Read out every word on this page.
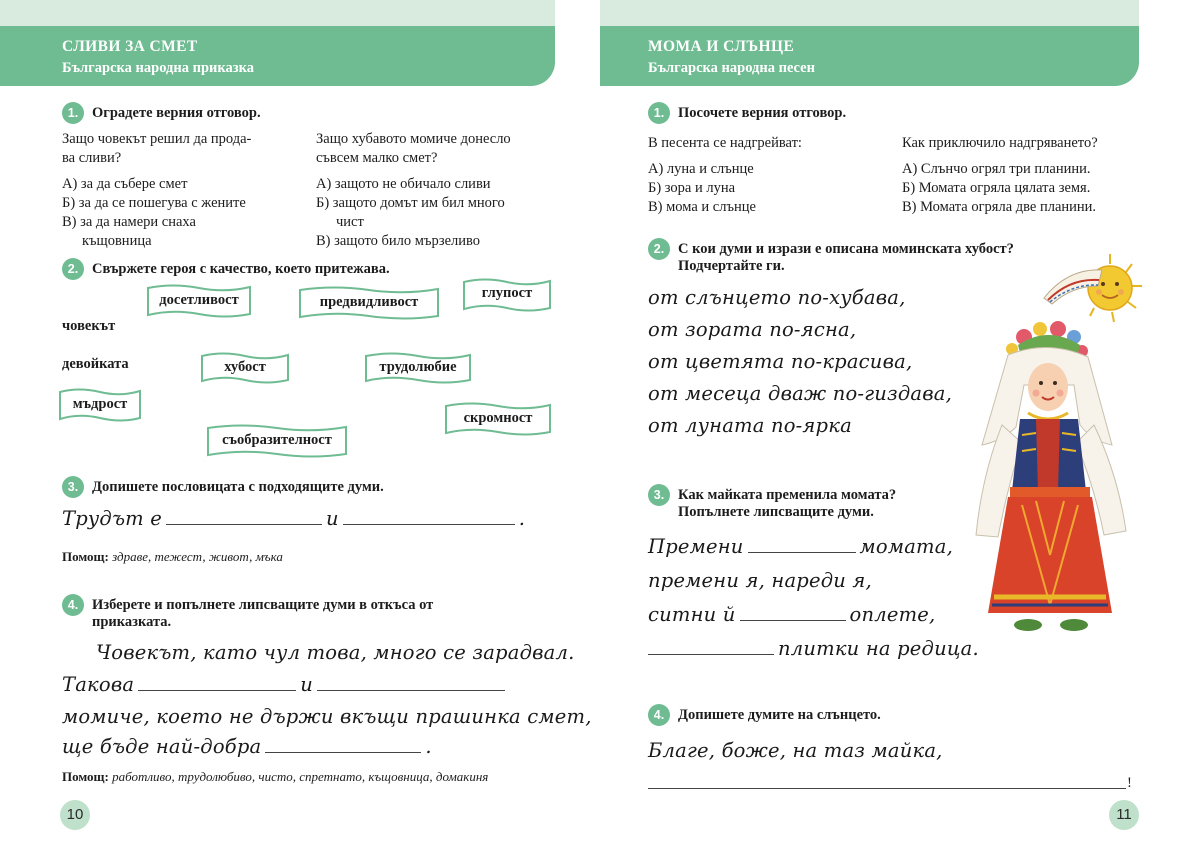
СЛИВИ ЗА СМЕТ
Българска народна приказка
1. Оградете верния отговор.
Защо човекът решил да прода-
ва сливи?
А) за да събере смет
Б) за да се пошегува с жените
В) за да намери снаха
къщовница
Защо хубавото момиче донесло
съвсем малко смет?
А) защото не обичало сливи
Б) защото домът им бил много
чист
В) защото било мързеливо
2. Свържете героя с качество, което притежава.
човекът
девойката
досетливост	предвидливост
глупост
хубост	трудолюбие
мъдрост
скромност
съобразителност
3. Допишете пословицата с подходящите думи.
Трудът е	и	.
Помощ: здраве, тежест, живот, мъка
4. Изберете и попълнете липсващите думи в откъса от
приказката.
Човекът, като чул това, много се зарадвал.
Такова	и
момиче, което не държи вкъщи прашинка смет,
ще бъде най-добра	.
Помощ: работливо, трудолюбиво, чисто, спретнато, къщовница, домакиня
10
МОМА И СЛЪНЦЕ
Българска народна песен
1. Посочете верния отговор.
В песента се надгрейват:
А) луна и слънце
Б) зора и луна
В) мома и слънце
Как приключило надгряването?
А) Слънчо огрял три планини.
Б) Момата огряла цялата земя.
В) Момата огряла две планини.
2. С кои думи и изрази е описана моминската хубост?
Подчертайте ги.
от слънцето по-хубава,
от зората по-ясна,
от цветята по-красива,
от месеца дваж по-гиздава,
от луната по-ярка
3. Как майката пременила момата?
Попълнете липсващите думи.
Премени	момата,
премени я, нареди я,
ситни й	оплете,
плитки на редица.
4. Допишете думите на слънцето.
Благе, боже, на таз майка,
!
11
